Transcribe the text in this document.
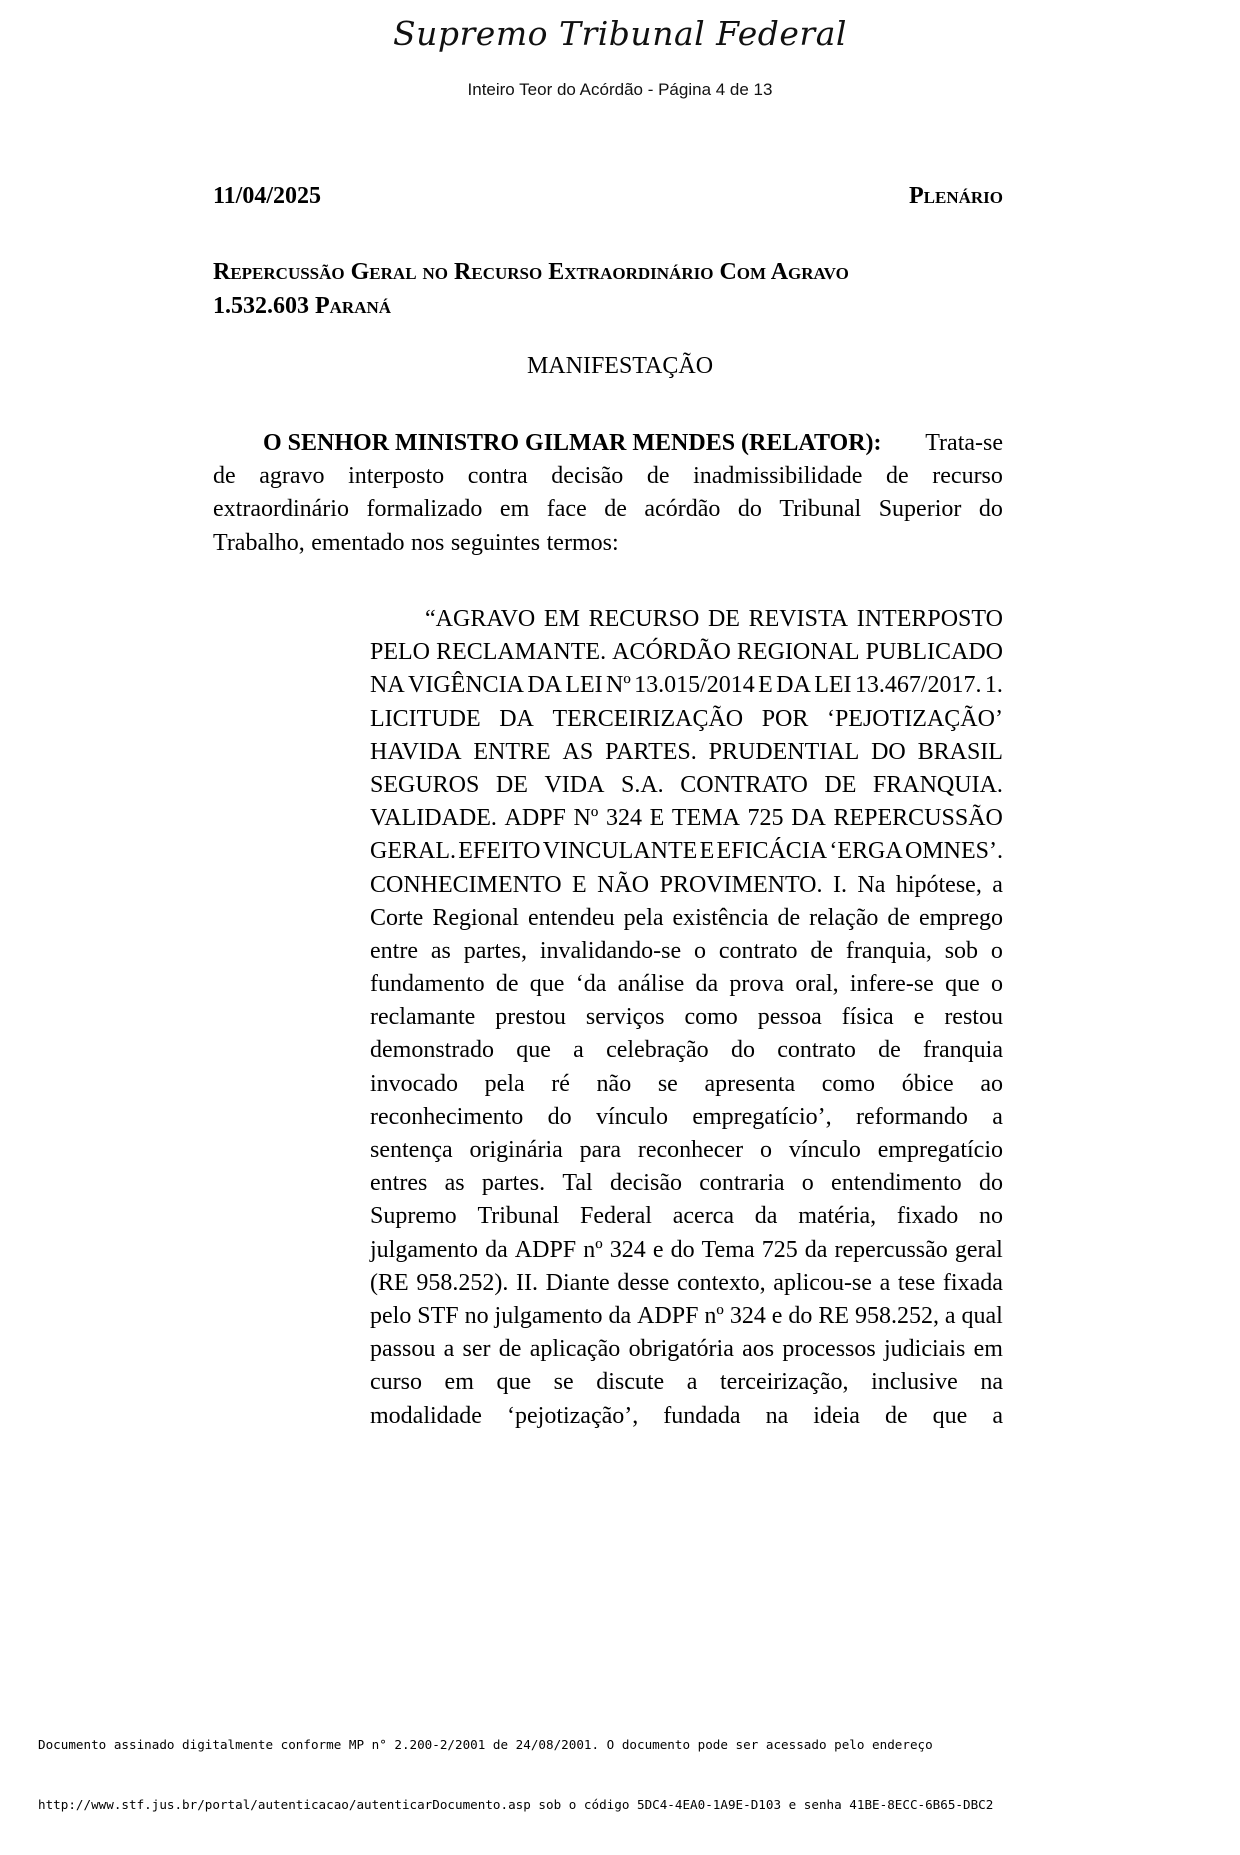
Supremo Tribunal Federal
Inteiro Teor do Acórdão - Página 4 de 13
11/04/2025	Plenário
Repercussão Geral no Recurso Extraordinário Com Agravo
1.532.603 Paraná
MANIFESTAÇÃO
O SENHOR MINISTRO GILMAR MENDES (RELATOR): Trata-se
de agravo interposto contra decisão de inadmissibilidade de recurso
extraordinário formalizado em face de acórdão do Tribunal Superior do
Trabalho, ementado nos seguintes termos:
“AGRAVO EM RECURSO DE REVISTA INTERPOSTO
PELO RECLAMANTE. ACÓRDÃO REGIONAL PUBLICADO
NA VIGÊNCIA DA LEI Nº 13.015/2014 E DA LEI 13.467/2017. 1.
LICITUDE DA TERCEIRIZAÇÃO POR ‘PEJOTIZAÇÃO’
HAVIDA ENTRE AS PARTES. PRUDENTIAL DO BRASIL
SEGUROS DE VIDA S.A. CONTRATO DE FRANQUIA.
VALIDADE. ADPF Nº 324 E TEMA 725 DA REPERCUSSÃO
GERAL. EFEITO VINCULANTE E EFICÁCIA ‘ERGA OMNES’.
CONHECIMENTO E NÃO PROVIMENTO. I. Na hipótese, a
Corte Regional entendeu pela existência de relação de emprego
entre as partes, invalidando-se o contrato de franquia, sob o
fundamento de que ‘da análise da prova oral, infere-se que o
reclamante prestou serviços como pessoa física e restou
demonstrado que a celebração do contrato de franquia
invocado pela ré não se apresenta como óbice ao
reconhecimento do vínculo empregatício’, reformando a
sentença originária para reconhecer o vínculo empregatício
entres as partes. Tal decisão contraria o entendimento do
Supremo Tribunal Federal acerca da matéria, fixado no
julgamento da ADPF nº 324 e do Tema 725 da repercussão geral
(RE 958.252). II. Diante desse contexto, aplicou-se a tese fixada
pelo STF no julgamento da ADPF nº 324 e do RE 958.252, a qual
passou a ser de aplicação obrigatória aos processos judiciais em
curso em que se discute a terceirização, inclusive na
modalidade ‘pejotização’, fundada na ideia de que a

Documento assinado digitalmente conforme MP n° 2.200-2/2001 de 24/08/2001. O documento pode ser acessado pelo endereço

http://www.stf.jus.br/portal/autenticacao/autenticarDocumento.asp sob o código 5DC4-4EA0-1A9E-D103 e senha 41BE-8ECC-6B65-DBC2
